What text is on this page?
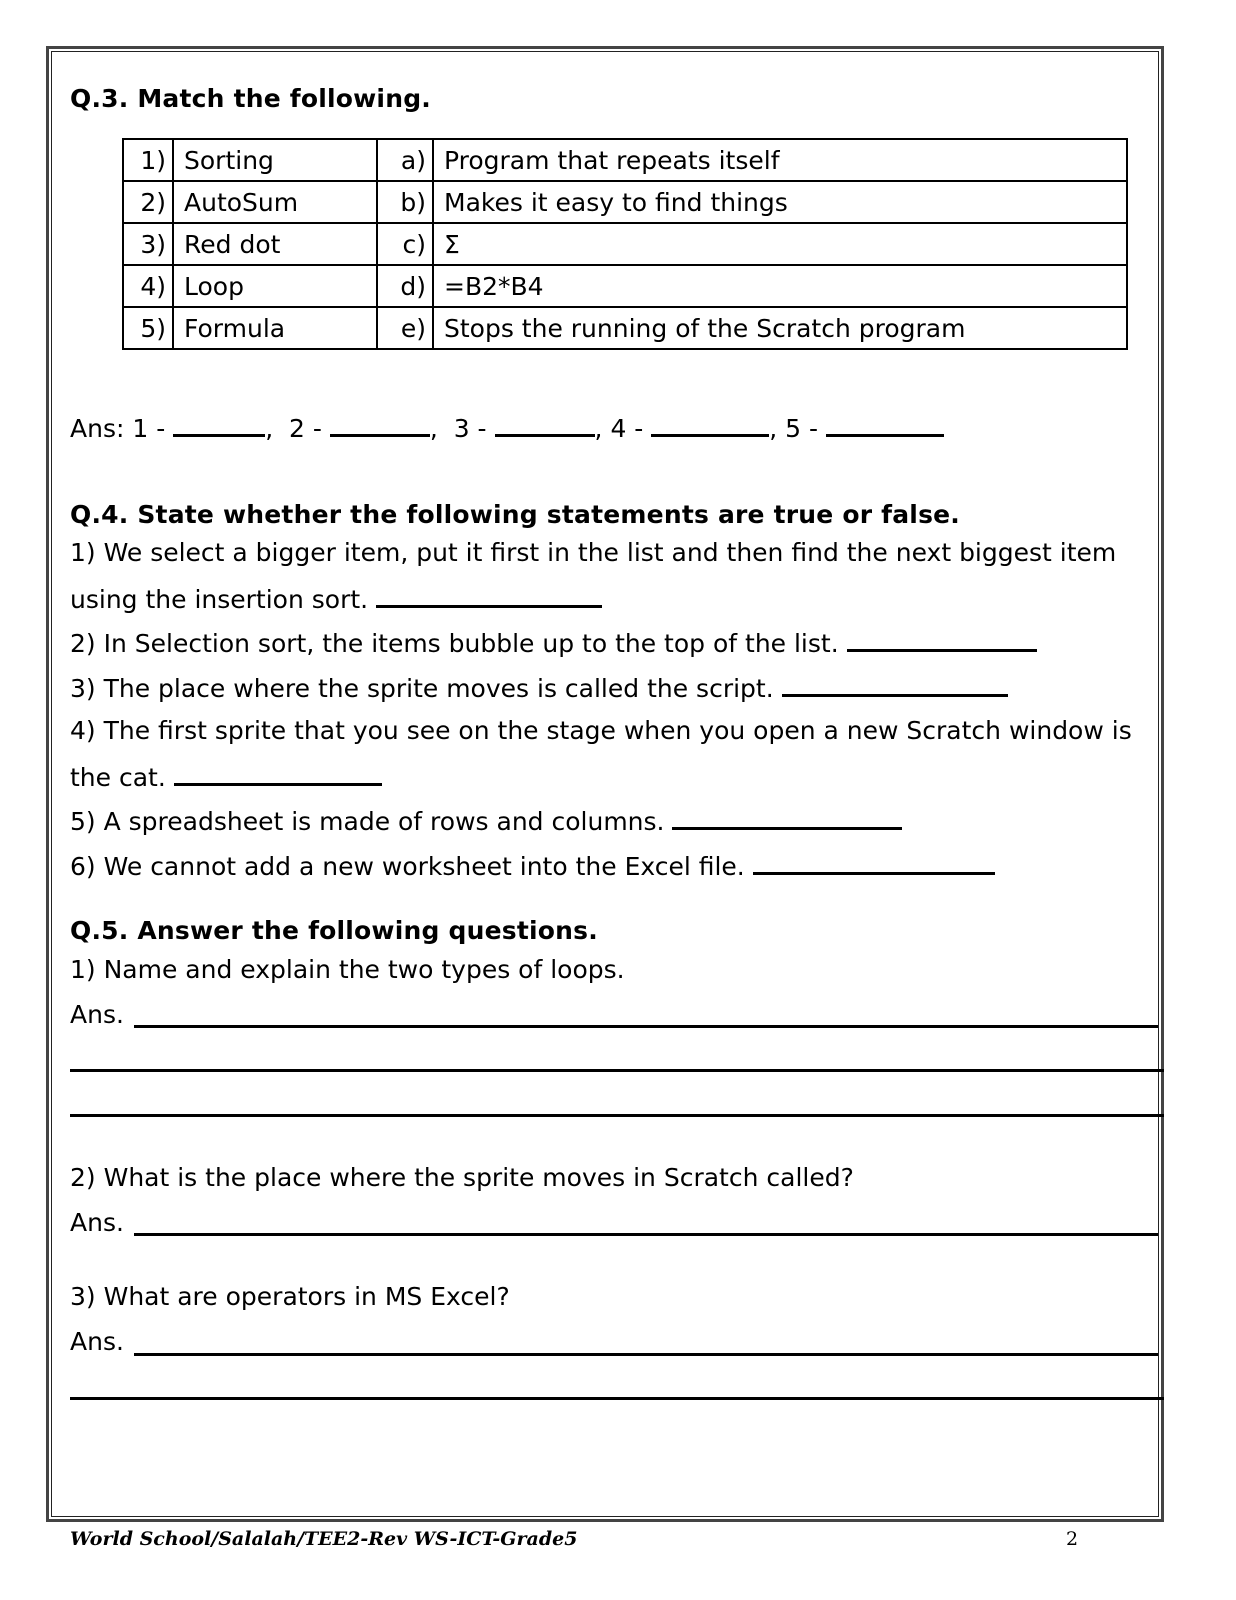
Q.3. Match the following.
1)	Sorting	a)	Program that repeats itself
2)	AutoSum	b)	Makes it easy to find things
3)	Red dot	c)	Σ
4)	Loop	d)	=B2*B4
5)	Formula	e)	Stops the running of the Scratch program
Ans: 1 -	,  2 -	,  3 -	, 4 -	, 5 -
Q.4. State whether the following statements are true or false.
1) We select a bigger item, put it first in the list and then find the next biggest item
using the insertion sort.
2) In Selection sort, the items bubble up to the top of the list.
3) The place where the sprite moves is called the script.
4) The first sprite that you see on the stage when you open a new Scratch window is
the cat.
5) A spreadsheet is made of rows and columns.
6) We cannot add a new worksheet into the Excel file.
Q.5. Answer the following questions.
1) Name and explain the two types of loops.
Ans.
2) What is the place where the sprite moves in Scratch called?
Ans.
3) What are operators in MS Excel?
Ans.
World School/Salalah/TEE2-Rev WS-ICT-Grade5	2
